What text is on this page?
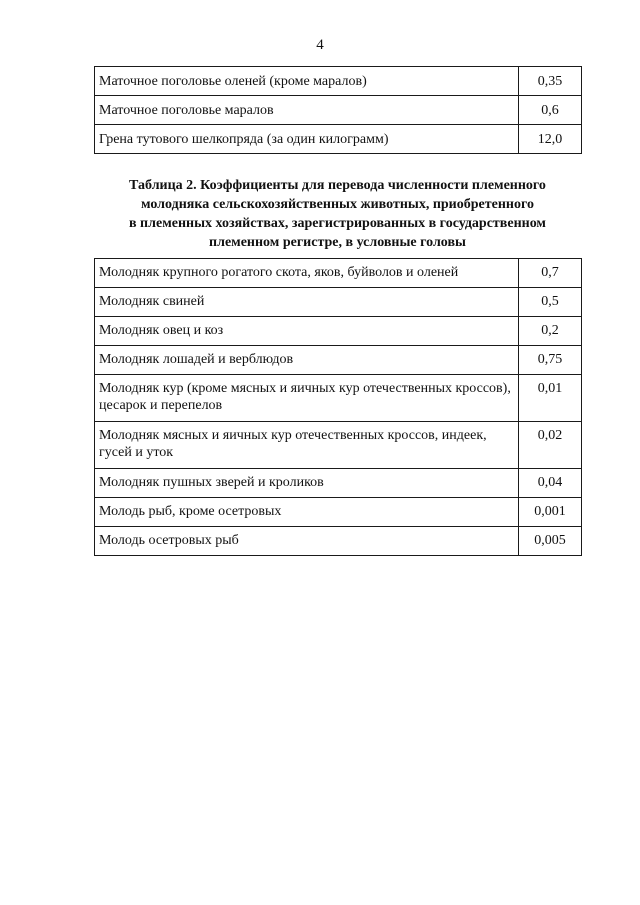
4
Маточное поголовье оленей (кроме маралов)	0,35
Маточное поголовье маралов	0,6
Грена тутового шелкопряда (за один килограмм)	12,0
Таблица 2. Коэффициенты для перевода численности племенного
молодняка сельскохозяйственных животных, приобретенного
в племенных хозяйствах, зарегистрированных в государственном
племенном регистре, в условные головы
Молодняк крупного рогатого скота, яков, буйволов и оленей	0,7
Молодняк свиней	0,5
Молодняк овец и коз	0,2
Молодняк лошадей и верблюдов	0,75
Молодняк кур (кроме мясных и яичных кур отечественных кроссов), цесарок и перепелов	0,01
Молодняк мясных и яичных кур отечественных кроссов, индеек, гусей и уток	0,02
Молодняк пушных зверей и кроликов	0,04
Молодь рыб, кроме осетровых	0,001
Молодь осетровых рыб	0,005
